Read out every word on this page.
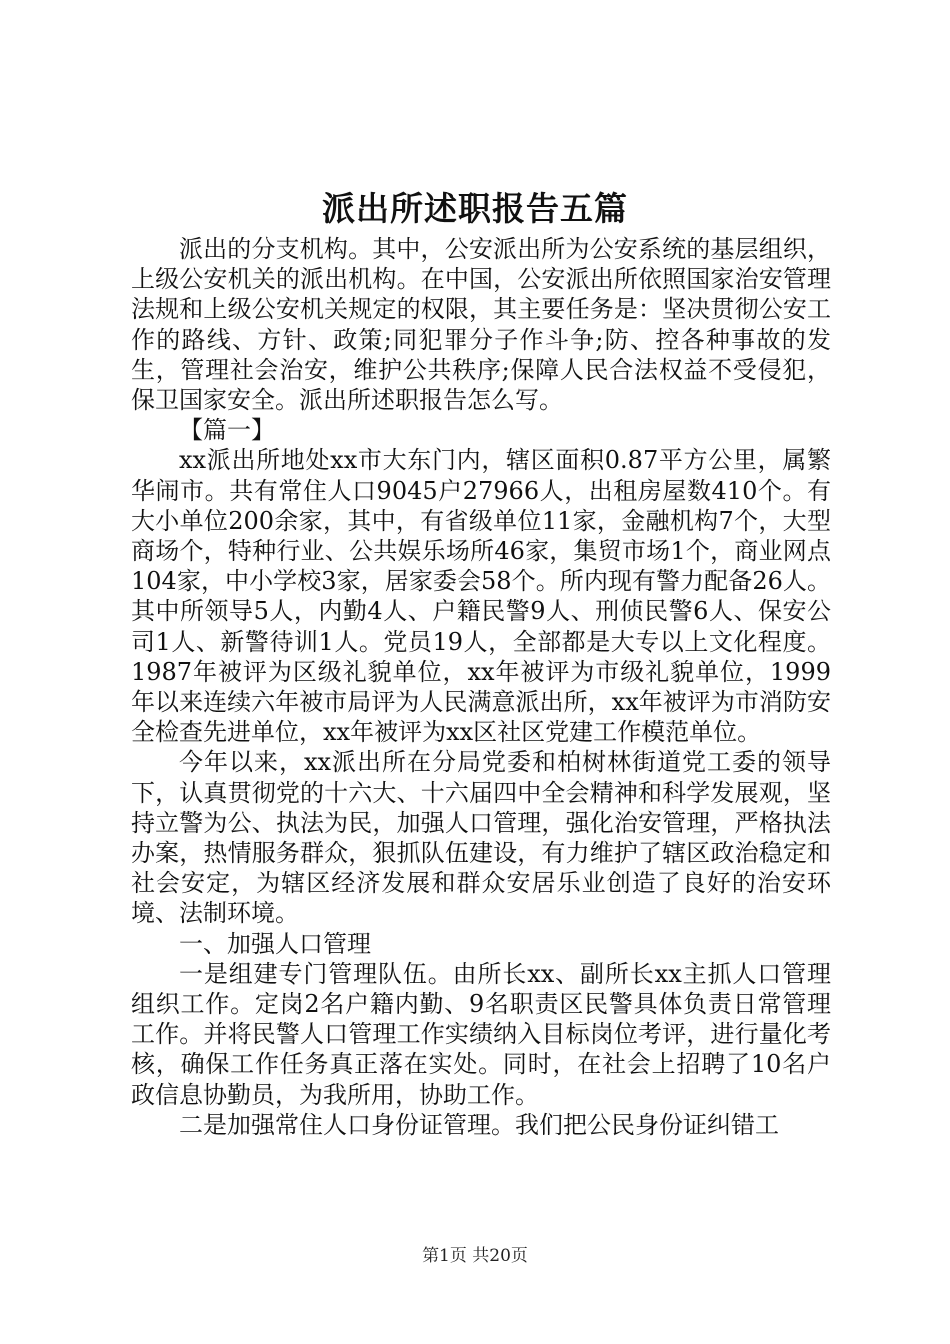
派出所述职报告五篇

派出的分支机构。其中，公安派出所为公安系统的基层组织，上级公安机关的派出机构。在中国，公安派出所依照国家治安管理法规和上级公安机关规定的权限，其主要任务是：坚决贯彻公安工作的路线、方针、政策;同犯罪分子作斗争;防、控各种事故的发生，管理社会治安，维护公共秩序;保障人民合法权益不受侵犯，保卫国家安全。派出所述职报告怎么写。

【篇一】

xx派出所地处xx市大东门内，辖区面积0.87平方公里，属繁华闹市。共有常住人口9045户27966人，出租房屋数410个。有大小单位200余家，其中，有省级单位11家，金融机构7个，大型商场个，特种行业、公共娱乐场所46家，集贸市场1个，商业网点104家，中小学校3家，居家委会58个。所内现有警力配备26人。其中所领导5人，内勤4人、户籍民警9人、刑侦民警6人、保安公司1人、新警待训1人。党员19人，全部都是大专以上文化程度。1987年被评为区级礼貌单位，xx年被评为市级礼貌单位，1999年以来连续六年被市局评为人民满意派出所，xx年被评为市消防安全检查先进单位，xx年被评为xx区社区党建工作模范单位。

今年以来，xx派出所在分局党委和柏树林街道党工委的领导下，认真贯彻党的十六大、十六届四中全会精神和科学发展观，坚持立警为公、执法为民，加强人口管理，强化治安管理，严格执法办案，热情服务群众，狠抓队伍建设，有力维护了辖区政治稳定和社会安定，为辖区经济发展和群众安居乐业创造了良好的治安环境、法制环境。

一、加强人口管理

一是组建专门管理队伍。由所长xx、副所长xx主抓人口管理组织工作。定岗2名户籍内勤、9名职责区民警具体负责日常管理工作。并将民警人口管理工作实绩纳入目标岗位考评，进行量化考核，确保工作任务真正落在实处。同时，在社会上招聘了10名户政信息协勤员，为我所用，协助工作。

二是加强常住人口身份证管理。我们把公民身份证纠错工

第1页 共20页
